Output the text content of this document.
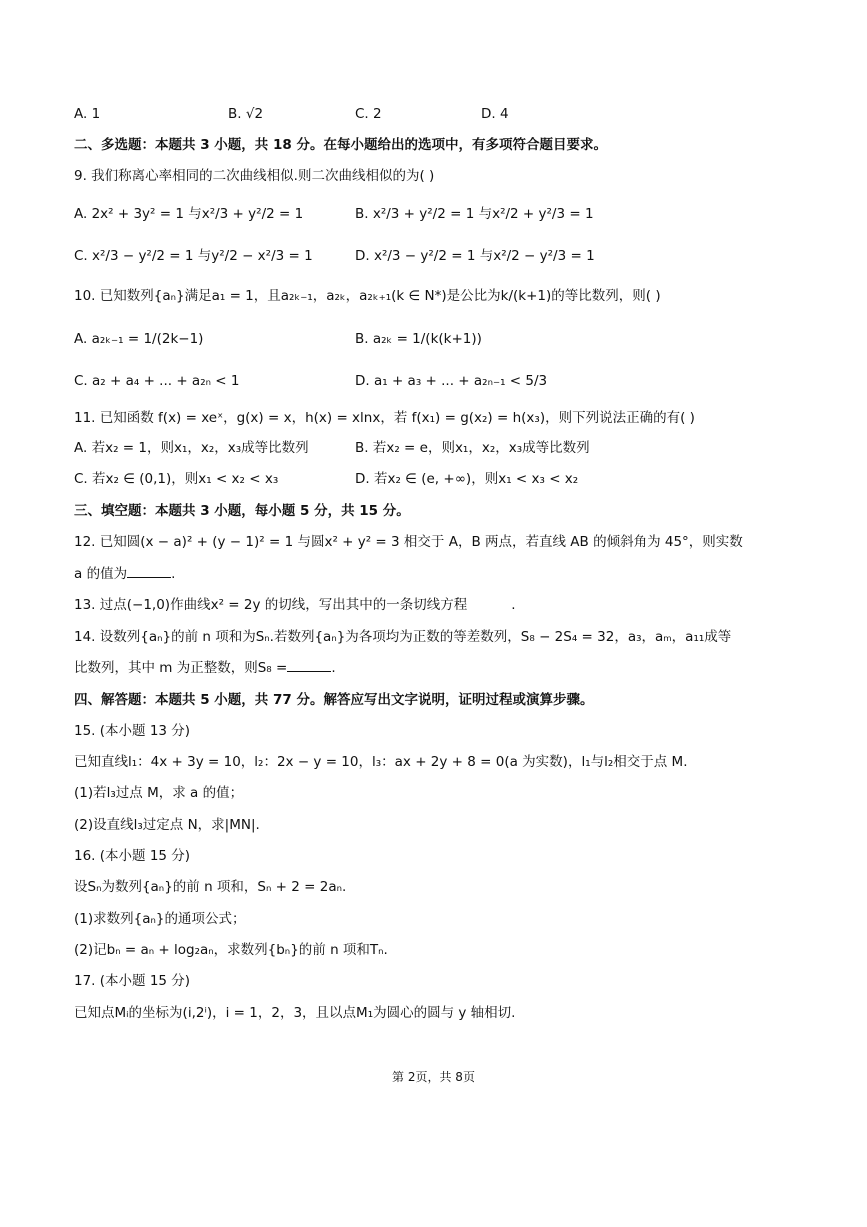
A. 1	B. √2	C. 2	D. 4
二、多选题：本题共 3 小题，共 18 分。在每小题给出的选项中，有多项符合题目要求。
9. 我们称离心率相同的二次曲线相似.则二次曲线相似的为( )
A. 2x² + 3y² = 1 与x²/3 + y²/2 = 1	B. x²/3 + y²/2 = 1 与x²/2 + y²/3 = 1
C. x²/3 − y²/2 = 1 与y²/2 − x²/3 = 1	D. x²/3 − y²/2 = 1 与x²/2 − y²/3 = 1
10. 已知数列{aₙ}满足a₁ = 1，且a₂ₖ₋₁，a₂ₖ，a₂ₖ₊₁(k ∈ N*)是公比为k/(k+1)的等比数列，则( )
A. a₂ₖ₋₁ = 1/(2k−1)	B. a₂ₖ = 1/(k(k+1))
C. a₂ + a₄ + ... + a₂ₙ < 1	D. a₁ + a₃ + ... + a₂ₙ₋₁ < 5/3
11. 已知函数 f(x) = xeˣ，g(x) = x，h(x) = xlnx，若 f(x₁) = g(x₂) = h(x₃)，则下列说法正确的有( )
A. 若x₂ = 1，则x₁，x₂，x₃成等比数列	B. 若x₂ = e，则x₁，x₂，x₃成等比数列
C. 若x₂ ∈ (0,1)，则x₁ < x₂ < x₃	D. 若x₂ ∈ (e, +∞)，则x₁ < x₃ < x₂
三、填空题：本题共 3 小题，每小题 5 分，共 15 分。
12. 已知圆(x − a)² + (y − 1)² = 1 与圆x² + y² = 3 相交于 A，B 两点，若直线 AB 的倾斜角为 45°，则实数
a 的值为	.
13. 过点(−1,0)作曲线x² = 2y 的切线，写出其中的一条切线方程	.
14. 设数列{aₙ}的前 n 项和为Sₙ.若数列{aₙ}为各项均为正数的等差数列，S₈ − 2S₄ = 32，a₃，aₘ，a₁₁成等
比数列，其中 m 为正整数，则S₈ =	.
四、解答题：本题共 5 小题，共 77 分。解答应写出文字说明，证明过程或演算步骤。
15. (本小题 13 分)
已知直线l₁：4x + 3y = 10，l₂：2x − y = 10，l₃：ax + 2y + 8 = 0(a 为实数)，l₁与l₂相交于点 M.
(1)若l₃过点 M，求 a 的值；
(2)设直线l₃过定点 N，求|MN|.
16. (本小题 15 分)
设Sₙ为数列{aₙ}的前 n 项和，Sₙ + 2 = 2aₙ.
(1)求数列{aₙ}的通项公式；
(2)记bₙ = aₙ + log₂aₙ，求数列{bₙ}的前 n 项和Tₙ.
17. (本小题 15 分)
已知点Mᵢ的坐标为(i,2ⁱ)，i = 1，2，3，且以点M₁为圆心的圆与 y 轴相切.
第 2页，共 8页
